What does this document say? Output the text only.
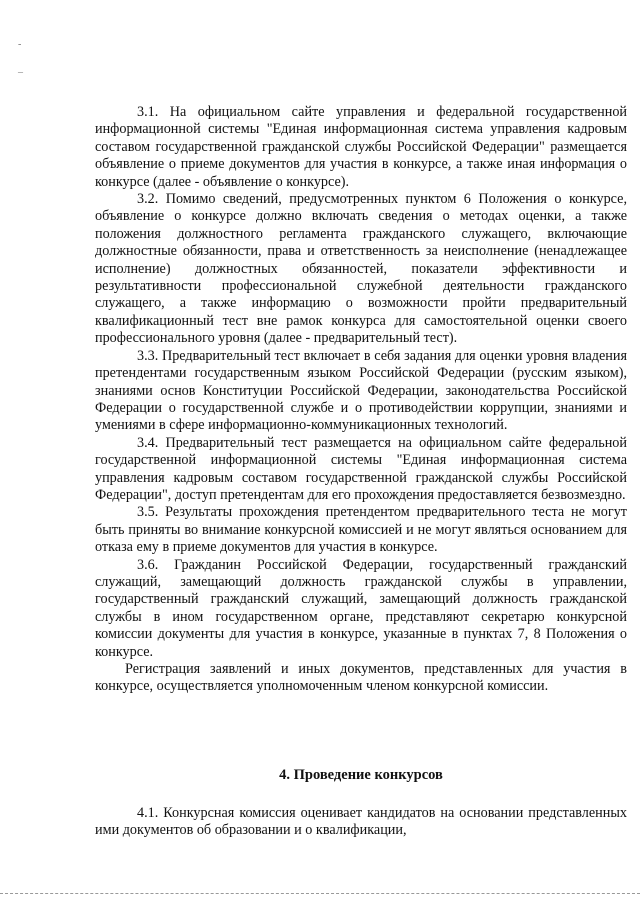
-
_

3.1. На официальном сайте управления и федеральной государственной информационной системы "Единая информационная система управления кадровым составом государственной гражданской службы Российской Федерации" размещается объявление о приеме документов для участия в конкурсе, а также иная информация о конкурсе (далее - объявление о конкурсе).

3.2. Помимо сведений, предусмотренных пунктом 6 Положения о конкурсе, объявление о конкурсе должно включать сведения о методах оценки, а также положения должностного регламента гражданского служащего, включающие должностные обязанности, права и ответственность за неисполнение (ненадлежащее исполнение) должностных обязанностей, показатели эффективности и результативности профессиональной служебной деятельности гражданского служащего, а также информацию о возможности пройти предварительный квалификационный тест вне рамок конкурса для самостоятельной оценки своего профессионального уровня (далее - предварительный тест).

3.3. Предварительный тест включает в себя задания для оценки уровня владения претендентами государственным языком Российской Федерации (русским языком), знаниями основ Конституции Российской Федерации, законодательства Российской Федерации о государственной службе и о противодействии коррупции, знаниями и умениями в сфере информационно-коммуникационных технологий.

3.4. Предварительный тест размещается на официальном сайте федеральной государственной информационной системы "Единая информационная система управления кадровым составом государственной гражданской службы Российской Федерации", доступ претендентам для его прохождения предоставляется безвозмездно.

3.5. Результаты прохождения претендентом предварительного теста не могут быть приняты во внимание конкурсной комиссией и не могут являться основанием для отказа ему в приеме документов для участия в конкурсе.

3.6. Гражданин Российской Федерации, государственный гражданский служащий, замещающий должность гражданской службы в управлении, государственный гражданский служащий, замещающий должность гражданской службы в ином государственном органе, представляют секретарю конкурсной комиссии документы для участия в конкурсе, указанные в пунктах 7, 8 Положения о конкурсе.

Регистрация заявлений и иных документов, представленных для участия в конкурсе, осуществляется уполномоченным членом конкурсной комиссии.

4. Проведение конкурсов

4.1. Конкурсная комиссия оценивает кандидатов на основании представленных ими документов об образовании и о квалификации,
